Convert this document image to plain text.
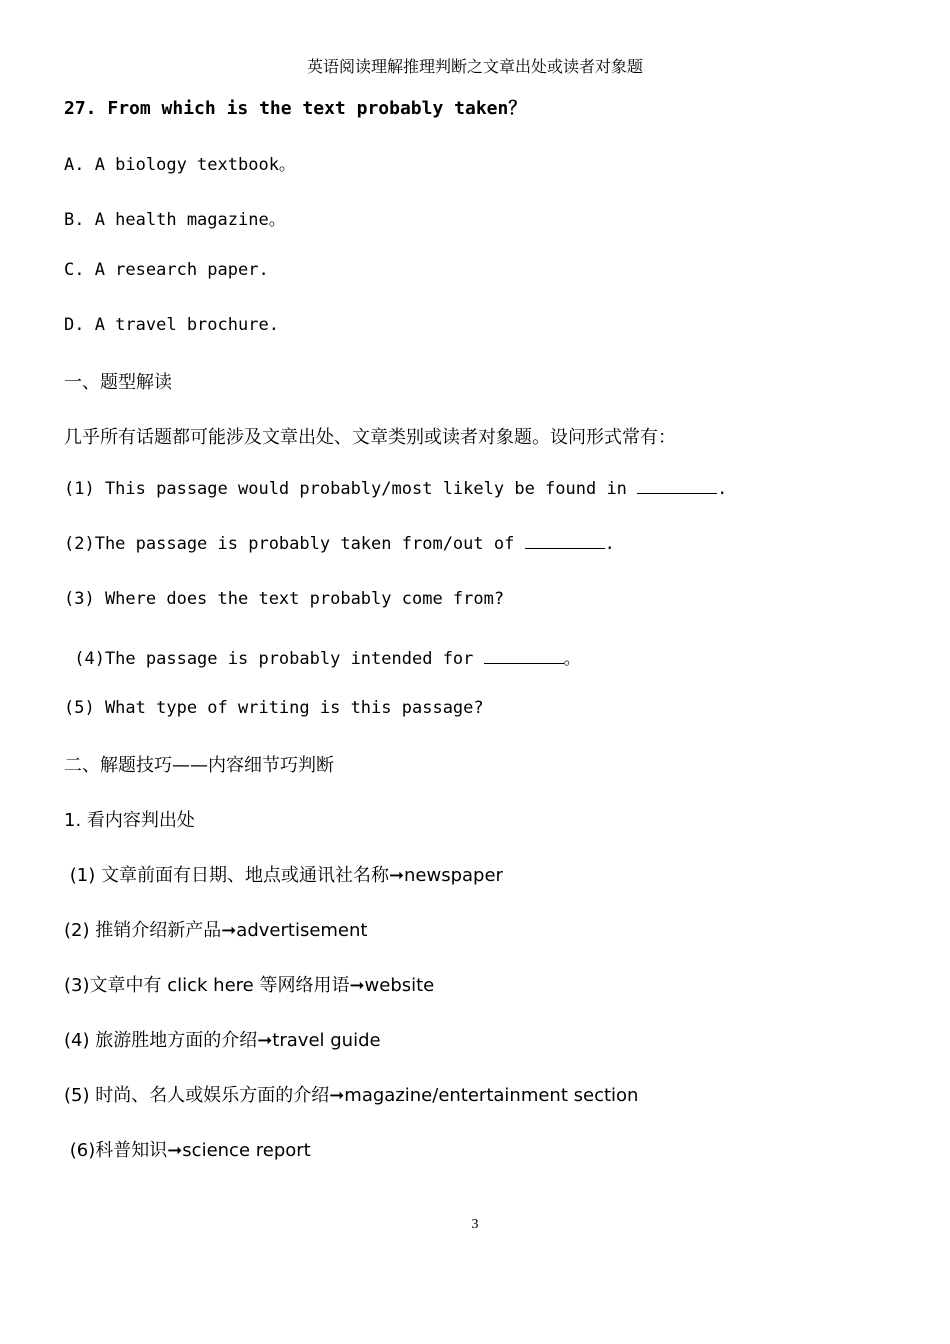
英语阅读理解推理判断之文章出处或读者对象题
27. From which is the text probably taken？
A. A biology textbook。
B. A health magazine。
C. A research paper.
D. A travel brochure.
一、题型解读
几乎所有话题都可能涉及文章出处、文章类别或读者对象题。设问形式常有：
(1) This passage would probably/most likely be found in	.
(2)The passage is probably taken from/out of	.
(3) Where does the text probably come from?
(4)The passage is probably intended for	。
(5) What type of writing is this passage?
二、解题技巧——内容细节巧判断
1. 看内容判出处
(1) 文章前面有日期、地点或通讯社名称➞newspaper
(2) 推销介绍新产品➞advertisement
(3)文章中有 click here 等网络用语➞website
(4) 旅游胜地方面的介绍➞travel guide
(5) 时尚、名人或娱乐方面的介绍➞magazine/entertainment section
(6)科普知识➞science report
3
